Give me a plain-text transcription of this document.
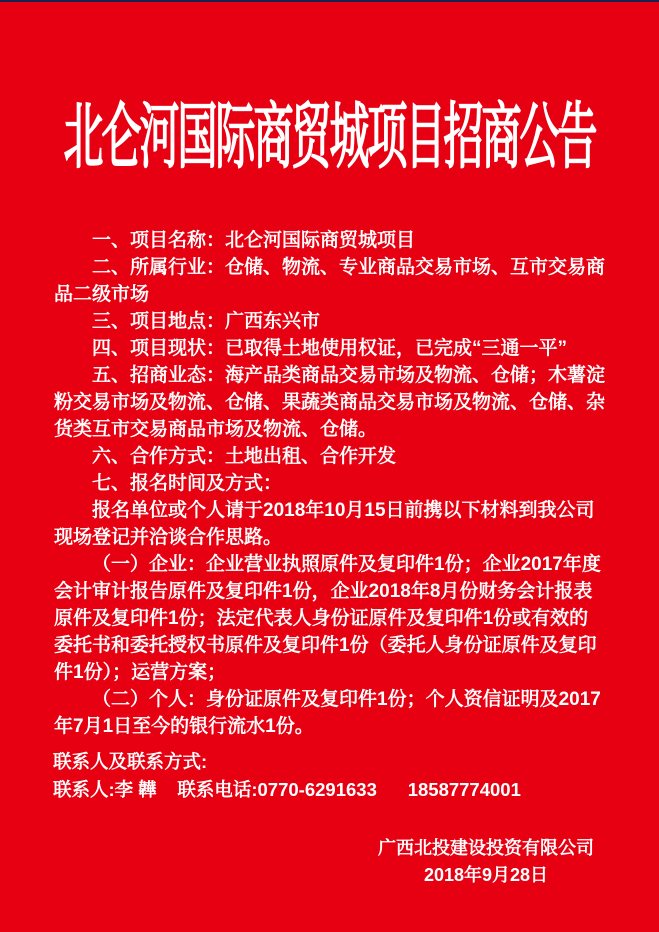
北仑河国际商贸城项目招商公告

一、项目名称：北仑河国际商贸城项目

二、所属行业：仓储、物流、专业商品交易市场、互市交易商品二级市场

三、项目地点：广西东兴市

四、项目现状：已取得土地使用权证，已完成“三通一平”

五、招商业态：海产品类商品交易市场及物流、仓储；木薯淀粉交易市场及物流、仓储、果蔬类商品交易市场及物流、仓储、杂货类互市交易商品市场及物流、仓储。

六、合作方式：土地出租、合作开发

七、报名时间及方式：

报名单位或个人请于2018年10月15日前携以下材料到我公司现场登记并洽谈合作思路。

（一）企业：企业营业执照原件及复印件1份；企业2017年度会计审计报告原件及复印件1份，企业2018年8月份财务会计报表原件及复印件1份；法定代表人身份证原件及复印件1份或有效的委托书和委托授权书原件及复印件1份（委托人身份证原件及复印件1份）；运营方案；

（二）个人：身份证原件及复印件1份；个人资信证明及2017年7月1日至今的银行流水1份。

联系人及联系方式:

联系人:李 韡    联系电话:0770-6291633      18587774001

广西北投建设投资有限公司

2018年9月28日
